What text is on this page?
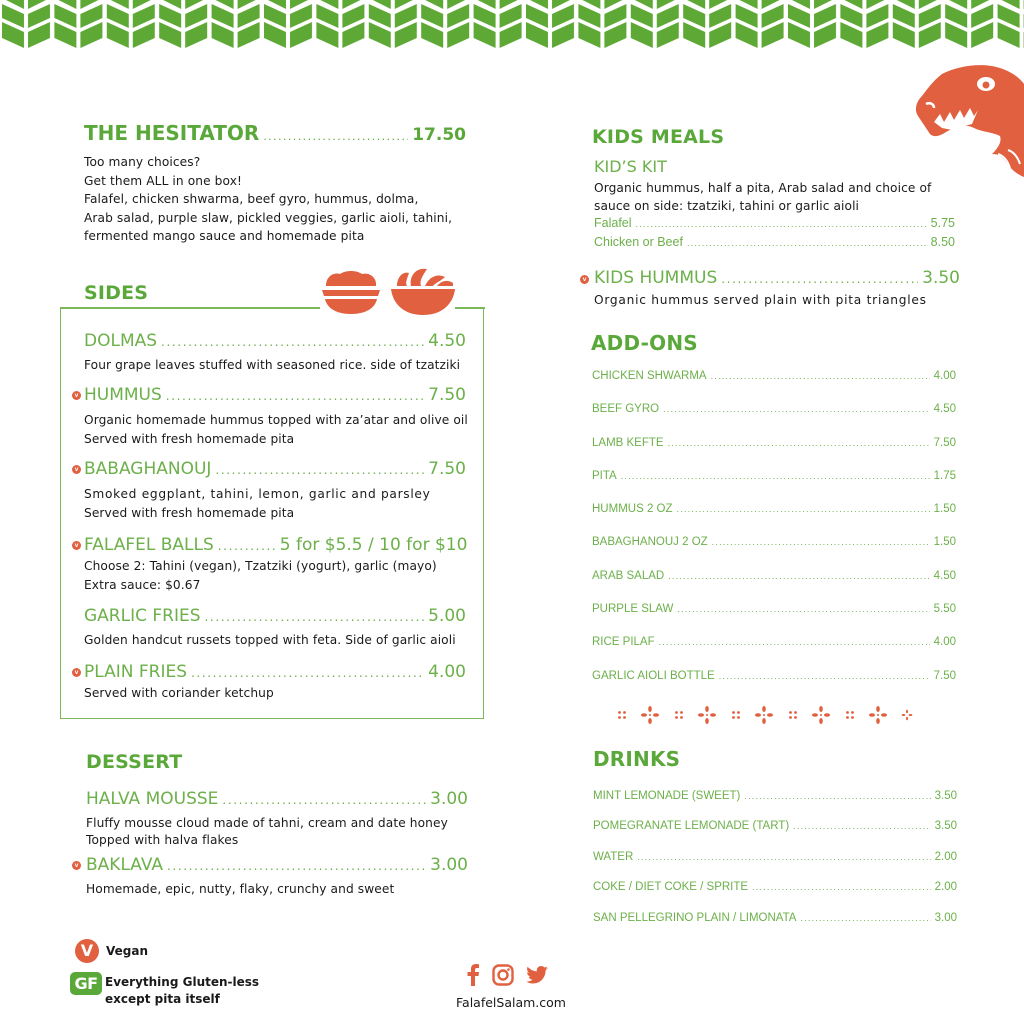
THE HESITATOR .....	17.50
Too many choices?
Get them ALL in one box!
Falafel, chicken shwarma, beef gyro, hummus, dolma,
Arab salad, purple slaw, pickled veggies, garlic aioli, tahini,
fermented mango sauce and homemade pita
SIDES
DOLMAS .....	4.50
Four grape leaves stuffed with seasoned rice. side of tzatziki
v HUMMUS .....	7.50
Organic homemade hummus topped with za’atar and olive oil
Served with fresh homemade pita
v BABAGHANOUJ .....	7.50
Smoked eggplant, tahini, lemon, garlic and parsley
Served with fresh homemade pita
v FALAFEL BALLS .....	5 for $5.5 / 10 for $10
Choose 2: Tahini (vegan), Tzatziki (yogurt), garlic (mayo)
Extra sauce: $0.67
GARLIC FRIES .....	5.00
Golden handcut russets topped with feta. Side of garlic aioli
v PLAIN FRIES .....	4.00
Served with coriander ketchup
DESSERT
HALVA MOUSSE .....	3.00
Fluffy mousse cloud made of tahni, cream and date honey
Topped with halva flakes
v BAKLAVA .....	3.00
Homemade, epic, nutty, flaky, crunchy and sweet
V	Vegan
GF Everything Gluten-less
except pita itself	FalafelSalam.com
KIDS MEALS
KID’S KIT
Organic hummus, half a pita, Arab salad and choice of
sauce on side: tzatziki, tahini or garlic aioli
Falafel .....	5.75
Chicken or Beef .....	8.50
v KIDS HUMMUS .....	3.50
Organic hummus served plain with pita triangles
ADD-ONS
CHICKEN SHWARMA .....	4.00
BEEF GYRO .....	4.50
LAMB KEFTE .....	7.50
PITA .....	1.75
HUMMUS 2 OZ .....	1.50
BABAGHANOUJ 2 OZ .....	1.50
ARAB SALAD .....	4.50
PURPLE SLAW .....	5.50
RICE PILAF .....	4.00
GARLIC AIOLI BOTTLE .....	7.50
DRINKS
MINT LEMONADE (SWEET) .....	3.50
POMEGRANATE LEMONADE (TART) .....	3.50
WATER .....	2.00
COKE / DIET COKE / SPRITE .....	2.00
SAN PELLEGRINO PLAIN / LIMONATA .....	3.00
